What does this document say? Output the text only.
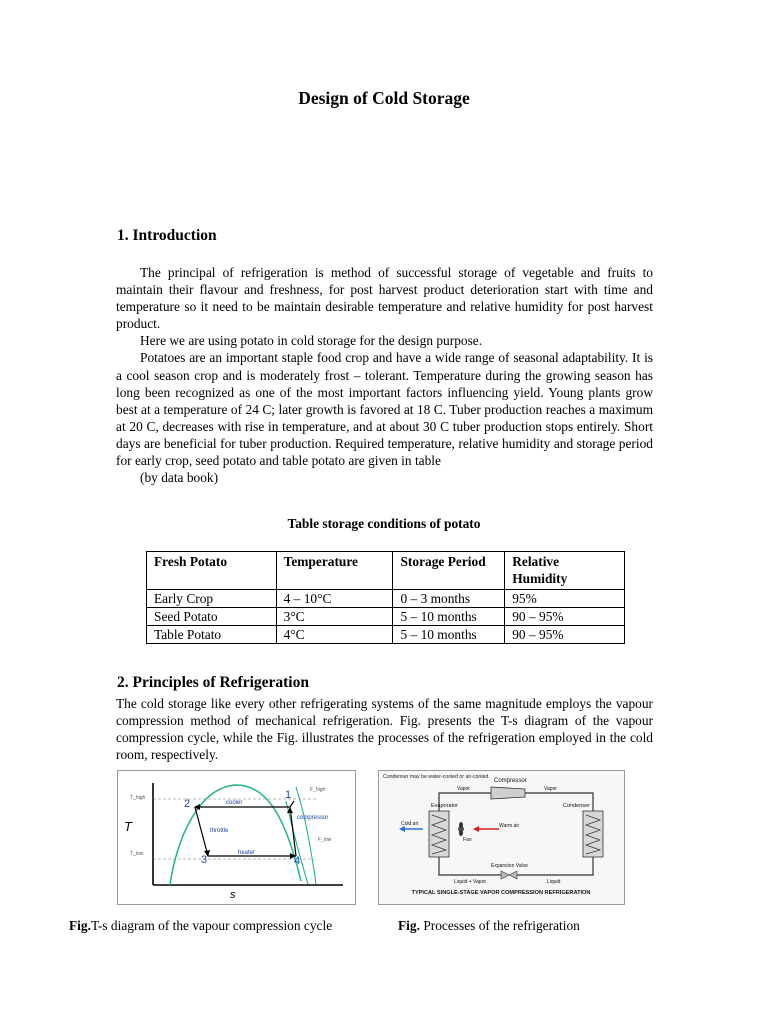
Design of Cold Storage
1. Introduction

The principal of refrigeration is method of successful storage of vegetable and fruits to maintain their flavour and freshness, for post harvest product deterioration start with time and temperature so it need to be maintain desirable temperature and relative humidity for post harvest product.

Here we are using potato in cold storage for the design purpose.

Potatoes are an important staple food crop and have a wide range of seasonal adaptability. It is a cool season crop and is moderately frost – tolerant. Temperature during the growing season has long been recognized as one of the most important factors influencing yield. Young plants grow best at a temperature of 24 C; later growth is favored at 18 C. Tuber production reaches a maximum at 20 C, decreases with rise in temperature, and at about 30 C tuber production stops entirely. Short days are beneficial for tuber production. Required temperature, relative humidity and storage period for early crop, seed potato and table potato are given in table

(by data book)

Table storage conditions of potato
Fresh Potato	Temperature	Storage Period	Relative Humidity
Early Crop	4 – 10°C	0 – 3 months	95%
Seed Potato	3°C	5 – 10 months	90 – 95%
Table Potato	4°C	5 – 10 months	90 – 95%
2. Principles of Refrigeration

The cold storage like every other refrigerating systems of the same magnitude employs the vapour compression method of mechanical refrigeration. Fig. presents the T-s diagram of the vapour compression cycle, while the Fig. illustrates the processes of the refrigeration employed in the cold room, respectively.

T
s
T_high
T_low
F_high
F_low
1
2
3	4
cooler
compressor
throttle
heater
Condenser may be water-cooled or air-cooled.
Compressor
Vapor	Vapor
Evaporator	Condenser
Fan
Cold air	Warm air
Expansion Valve
Liquid + Vapor	Liquid
TYPICAL SINGLE-STAGE VAPOR COMPRESSION REFRIGERATION
Fig.T-s diagram of the vapour compression cycle	Fig. Processes of the refrigeration
